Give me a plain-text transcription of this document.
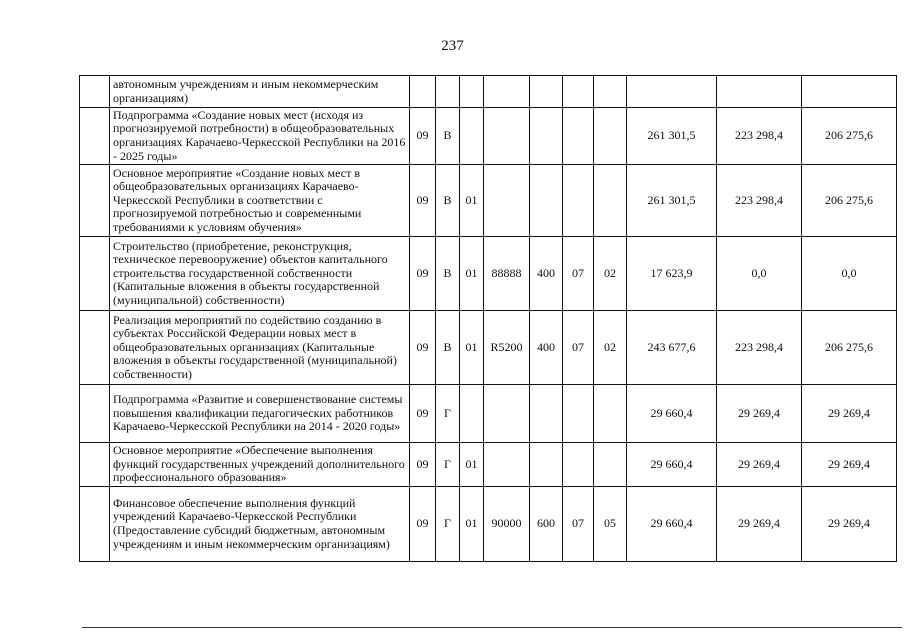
237
	автономным учреждениям и иным некоммерческим организациям)										
	Подпрограмма «Создание новых мест (исходя из прогнозируемой потребности) в общеобразовательных организациях Карачаево-Черкесской Республики на 2016 - 2025 годы»	09	В						261 301,5	223 298,4	206 275,6
	Основное мероприятие «Создание новых мест в общеобразовательных организациях Карачаево-Черкесской Республики в соответствии с прогнозируемой потребностью и современными требованиями к условиям обучения»	09	В	01					261 301,5	223 298,4	206 275,6
	Строительство (приобретение, реконструкция, техническое перевооружение) объектов капитального строительства государственной собственности (Капитальные вложения в объекты государственной (муниципальной) собственности)	09	В	01	88888	400	07	02	17 623,9	0,0	0,0
	Реализация мероприятий по содействию созданию в субъектах Российской Федерации новых мест в общеобразовательных организациях (Капитальные вложения в объекты государственной (муниципальной) собственности)	09	В	01	R5200	400	07	02	243 677,6	223 298,4	206 275,6
	Подпрограмма «Развитие и совершенствование системы повышения квалификации педагогических работников Карачаево-Черкесской Республики на 2014 - 2020 годы»	09	Г						29 660,4	29 269,4	29 269,4
	Основное мероприятие «Обеспечение выполнения функций государственных учреждений дополнительного профессионального образования»	09	Г	01					29 660,4	29 269,4	29 269,4
	Финансовое обеспечение выполнения функций учреждений Карачаево-Черкесской Республики (Предоставление субсидий бюджетным, автономным учреждениям и иным некоммерческим организациям)	09	Г	01	90000	600	07	05	29 660,4	29 269,4	29 269,4
